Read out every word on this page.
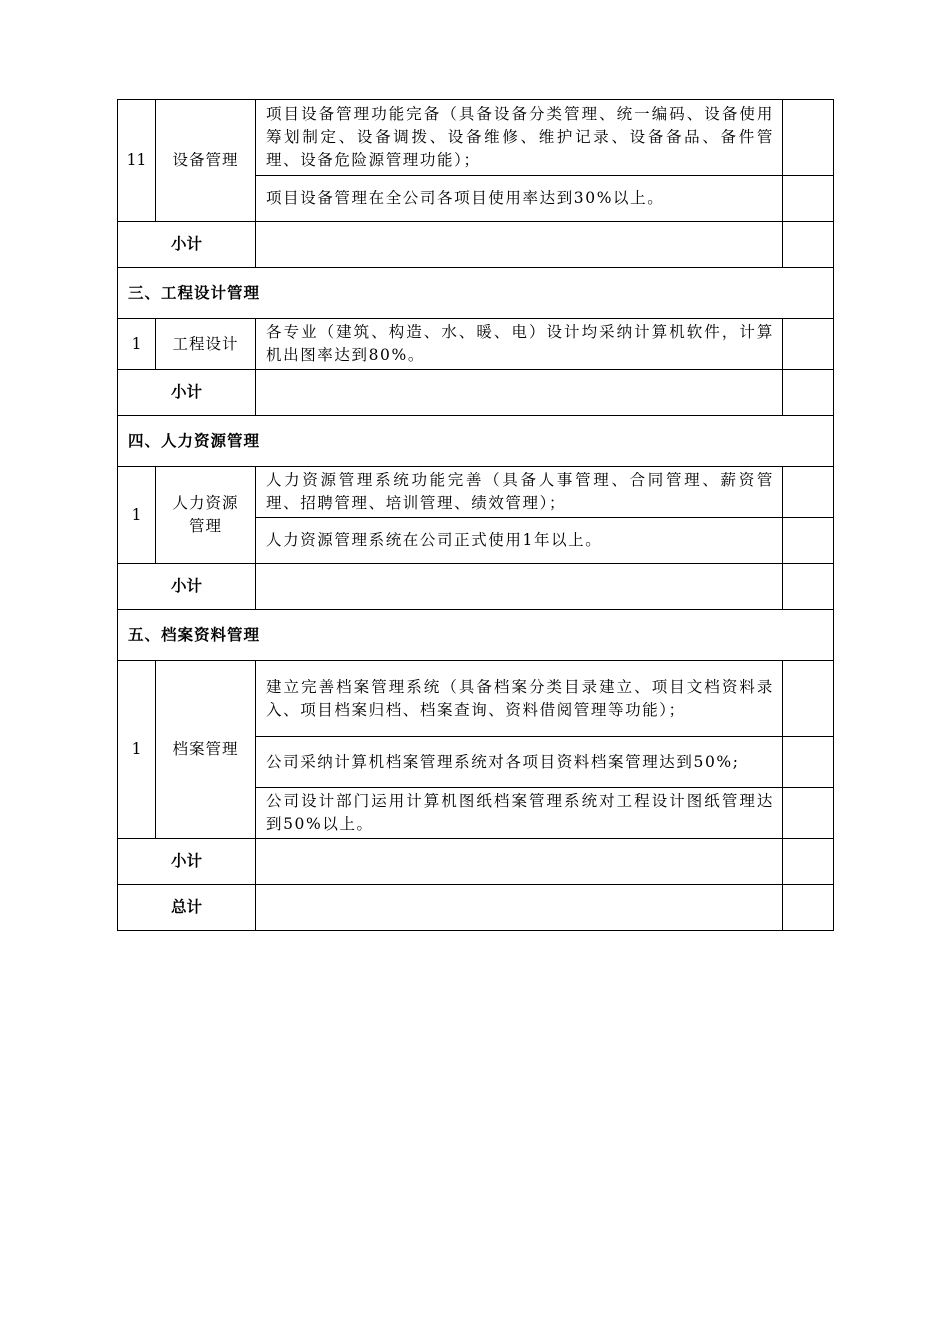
11	设备管理	项目设备管理功能完备（具备设备分类管理、统一编码、设备使用筹划制定、设备调拨、设备维修、维护记录、设备备品、备件管理、设备危险源管理功能）；	
		项目设备管理在全公司各项目使用率达到30%以上。	
小计			
三、工程设计管理			
1	工程设计	各专业（建筑、构造、水、暖、电）设计均采纳计算机软件，计算机出图率达到80%。	
小计			
四、人力资源管理			
1	人力资源管理	人力资源管理系统功能完善（具备人事管理、合同管理、薪资管理、招聘管理、培训管理、绩效管理）；	
		人力资源管理系统在公司正式使用1年以上。	
小计			
五、档案资料管理			
1	档案管理	建立完善档案管理系统（具备档案分类目录建立、项目文档资料录入、项目档案归档、档案查询、资料借阅管理等功能）；	
		公司采纳计算机档案管理系统对各项目资料档案管理达到50%;	
		公司设计部门运用计算机图纸档案管理系统对工程设计图纸管理达到50%以上。	
小计			
总计			
